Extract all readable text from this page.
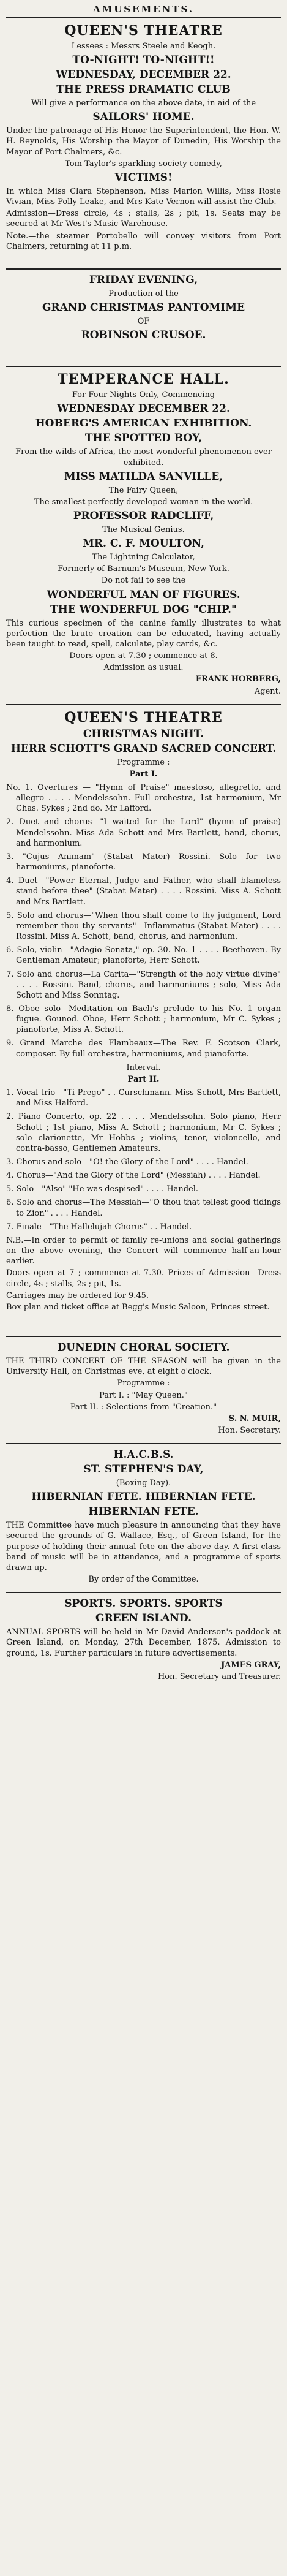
AMUSEMENTS.
QUEEN'S THEATRE
Lessees : Messrs Steele and Keogh.
TO-NIGHT! TO-NIGHT!!
WEDNESDAY, DECEMBER 22.
THE PRESS DRAMATIC CLUB
Will give a performance on the above date, in aid of the
SAILORS' HOME.
Under the patronage of His Honor the Superintendent, the Hon. W. H. Reynolds, His Worship the Mayor of Dunedin, His Worship the Mayor of Port Chalmers, &c.
Tom Taylor's sparkling society comedy,
VICTIMS!
In which Miss Clara Stephenson, Miss Marion Willis, Miss Rosie Vivian, Miss Polly Leake, and Mrs Kate Vernon will assist the Club.
Admission—Dress circle, 4s ; stalls, 2s ; pit, 1s. Seats may be secured at Mr West's Music Warehouse.
Note.—the steamer Portobello will convey visitors from Port Chalmers, returning at 11 p.m.
FRIDAY EVENING,
Production of the
GRAND CHRISTMAS PANTOMIME
OF
ROBINSON CRUSOE.
TEMPERANCE HALL.
For Four Nights Only, Commencing
WEDNESDAY DECEMBER 22.
HOBERG'S AMERICAN EXHIBITION.
THE SPOTTED BOY,
From the wilds of Africa, the most wonderful phenomenon ever exhibited.
MISS MATILDA SANVILLE,
The Fairy Queen,
The smallest perfectly developed woman in the world.
PROFESSOR RADCLIFF,
The Musical Genius.
MR. C. F. MOULTON,
The Lightning Calculator,
Formerly of Barnum's Museum, New York.
Do not fail to see the
WONDERFUL MAN OF FIGURES.
THE WONDERFUL DOG "CHIP."
This curious specimen of the canine family illustrates to what perfection the brute creation can be educated, having actually been taught to read, spell, calculate, play cards, &c.
Doors open at 7.30 ; commence at 8.
Admission as usual.
FRANK HORBERG,
Agent.
QUEEN'S THEATRE
CHRISTMAS NIGHT.
HERR SCHOTT'S GRAND SACRED CONCERT.
Programme :
Part I.
No. 1. Overtures — "Hymn of Praise" maestoso, allegretto, and allegro . . . . Mendelssohn. Full orchestra, 1st harmonium, Mr Chas. Sykes ; 2nd do. Mr Lafford.
2. Duet and chorus—"I waited for the Lord" (hymn of praise) Mendelssohn. Miss Ada Schott and Mrs Bartlett, band, chorus, and harmonium.
3. "Cujus Animam" (Stabat Mater) Rossini. Solo for two harmoniums, pianoforte.
4. Duet—"Power Eternal, Judge and Father, who shall blameless stand before thee" (Stabat Mater) . . . . Rossini. Miss A. Schott and Mrs Bartlett.
5. Solo and chorus—"When thou shalt come to thy judgment, Lord remember thou thy servants"—Inflammatus (Stabat Mater) . . . . Rossini. Miss A. Schott, band, chorus, and harmonium.
6. Solo, violin—"Adagio Sonata," op. 30. No. 1 . . . . Beethoven. By Gentleman Amateur; pianoforte, Herr Schott.
7. Solo and chorus—La Carita—"Strength of the holy virtue divine" . . . . Rossini. Band, chorus, and harmoniums ; solo, Miss Ada Schott and Miss Sonntag.
8. Oboe solo—Meditation on Bach's prelude to his No. 1 organ fugue. Gounod. Oboe, Herr Schott ; harmonium, Mr C. Sykes ; pianoforte, Miss A. Schott.
9. Grand Marche des Flambeaux—The Rev. F. Scotson Clark, composer. By full orchestra, harmoniums, and pianoforte.
Interval.
Part II.
1. Vocal trio—"Ti Prego" . . Curschmann. Miss Schott, Mrs Bartlett, and Miss Halford.
2. Piano Concerto, op. 22 . . . . Mendelssohn. Solo piano, Herr Schott ; 1st piano, Miss A. Schott ; harmonium, Mr C. Sykes ; solo clarionette, Mr Hobbs ; violins, tenor, violoncello, and contra-basso, Gentlemen Amateurs.
3. Chorus and solo—"O! the Glory of the Lord" . . . . Handel.
4. Chorus—"And the Glory of the Lord" (Messiah) . . . . Handel.
5. Solo—"Also" "He was despised" . . . . Handel.
6. Solo and chorus—The Messiah—"O thou that tellest good tidings to Zion" . . . . Handel.
7. Finale—"The Hallelujah Chorus" . . Handel.
N.B.—In order to permit of family re-unions and social gatherings on the above evening, the Concert will commence half-an-hour earlier.
Doors open at 7 ; commence at 7.30. Prices of Admission—Dress circle, 4s ; stalls, 2s ; pit, 1s.
Carriages may be ordered for 9.45.
Box plan and ticket office at Begg's Music Saloon, Princes street.
DUNEDIN CHORAL SOCIETY.
THE THIRD CONCERT OF THE SEASON will be given in the University Hall, on Christmas eve, at eight o'clock.
Programme :
Part I. : "May Queen."
Part II. : Selections from "Creation."
S. N. MUIR,
Hon. Secretary.
H.A.C.B.S.
ST. STEPHEN'S DAY,
(Boxing Day).
HIBERNIAN FETE. HIBERNIAN FETE.
HIBERNIAN FETE.
THE Committee have much pleasure in announcing that they have secured the grounds of G. Wallace, Esq., of Green Island, for the purpose of holding their annual fete on the above day. A first-class band of music will be in attendance, and a programme of sports drawn up.
By order of the Committee.
SPORTS. SPORTS. SPORTS
GREEN ISLAND.
ANNUAL SPORTS will be held in Mr David Anderson's paddock at Green Island, on Monday, 27th December, 1875. Admission to ground, 1s. Further particulars in future advertisements.
JAMES GRAY,
Hon. Secretary and Treasurer.
